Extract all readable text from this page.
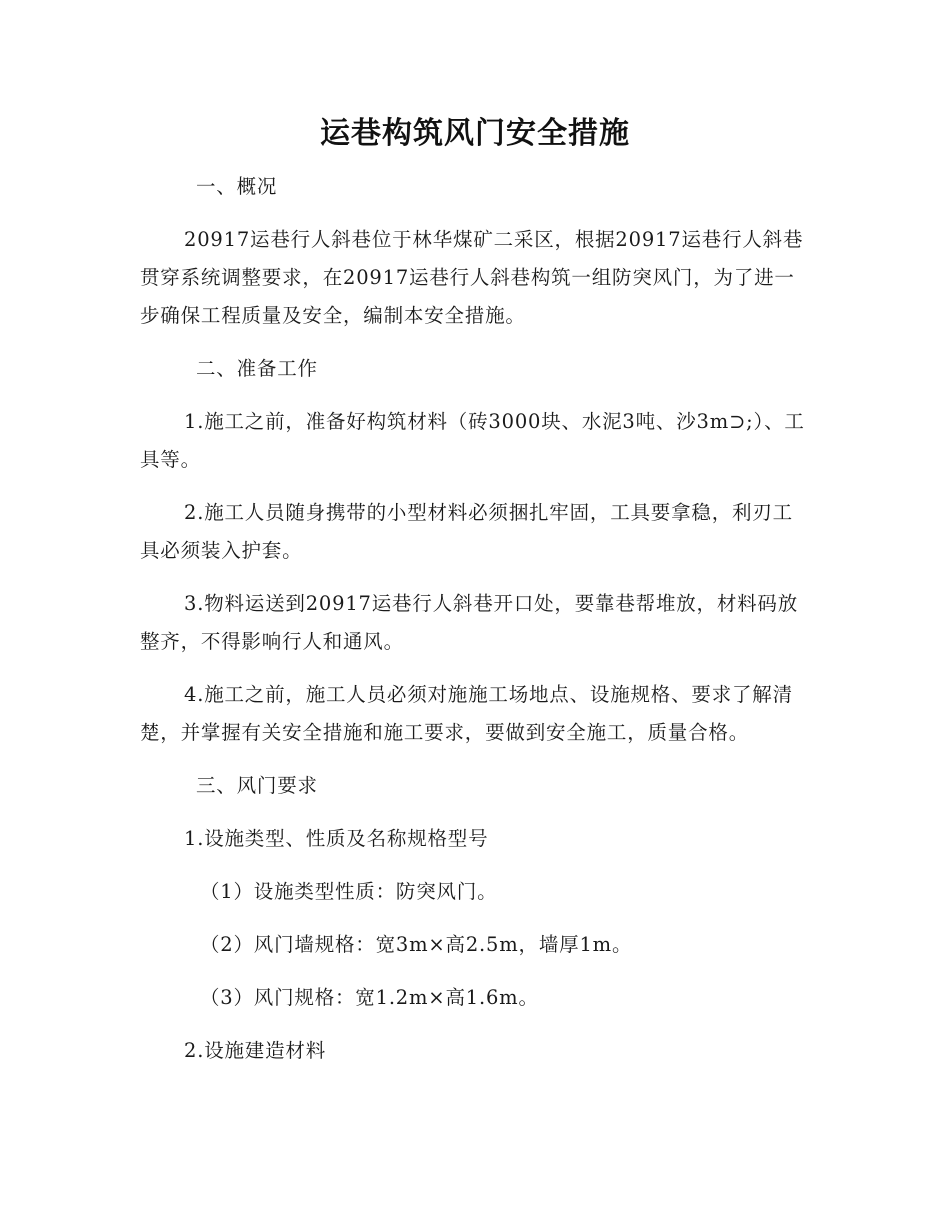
运巷构筑风门安全措施

一、概况

20917运巷行人斜巷位于林华煤矿二采区，根据20917运巷行人斜巷贯穿系统调整要求，在20917运巷行人斜巷构筑一组防突风门，为了进一步确保工程质量及安全，编制本安全措施。

二、准备工作

1.施工之前，准备好构筑材料（砖3000块、水泥3吨、沙3m⊃;）、工具等。

2.施工人员随身携带的小型材料必须捆扎牢固，工具要拿稳，利刃工具必须装入护套。

3.物料运送到20917运巷行人斜巷开口处，要靠巷帮堆放，材料码放整齐，不得影响行人和通风。

4.施工之前，施工人员必须对施施工场地点、设施规格、要求了解清楚，并掌握有关安全措施和施工要求，要做到安全施工，质量合格。

三、风门要求

1.设施类型、性质及名称规格型号

（1）设施类型性质：防突风门。

（2）风门墙规格：宽3m×高2.5m，墙厚1m。

（3）风门规格：宽1.2m×高1.6m。

2.设施建造材料
